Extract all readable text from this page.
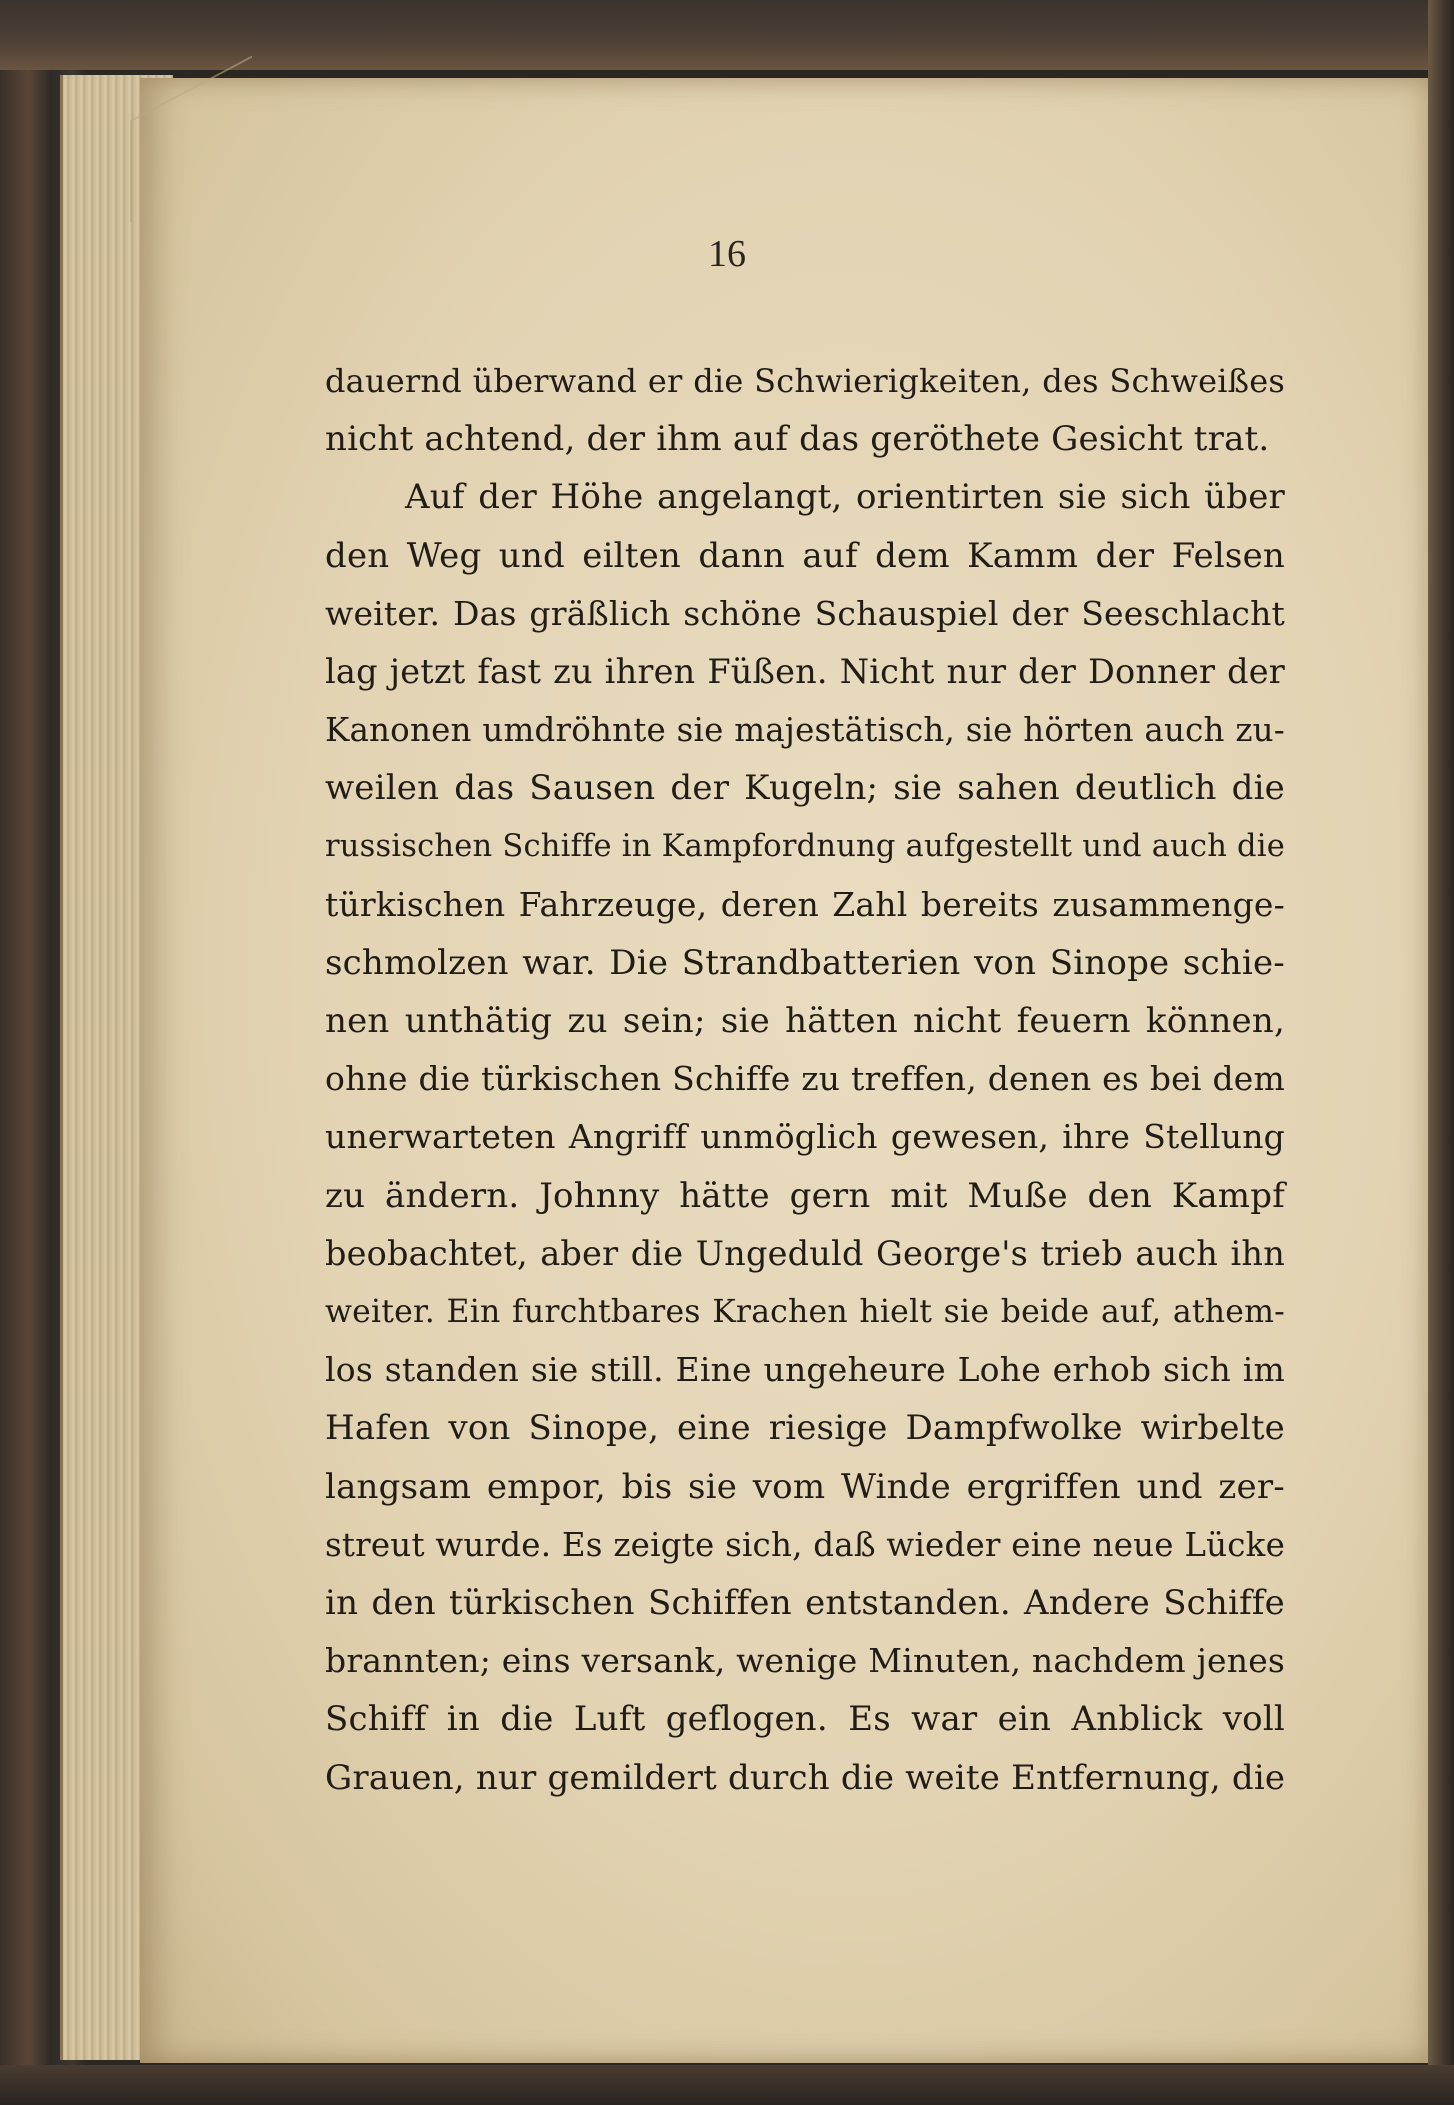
16
dauernd überwand er die Schwierigkeiten, des Schweißes
nicht achtend, der ihm auf das geröthete Gesicht trat.
Auf der Höhe angelangt, orientirten sie sich über
den Weg und eilten dann auf dem Kamm der Felsen
weiter. Das gräßlich schöne Schauspiel der Seeschlacht
lag jetzt fast zu ihren Füßen. Nicht nur der Donner der
Kanonen umdröhnte sie majestätisch, sie hörten auch zu-
weilen das Sausen der Kugeln; sie sahen deutlich die
russischen Schiffe in Kampfordnung aufgestellt und auch die
türkischen Fahrzeuge, deren Zahl bereits zusammenge-
schmolzen war. Die Strandbatterien von Sinope schie-
nen unthätig zu sein; sie hätten nicht feuern können,
ohne die türkischen Schiffe zu treffen, denen es bei dem
unerwarteten Angriff unmöglich gewesen, ihre Stellung
zu ändern. Johnny hätte gern mit Muße den Kampf
beobachtet, aber die Ungeduld George's trieb auch ihn
weiter. Ein furchtbares Krachen hielt sie beide auf, athem-
los standen sie still. Eine ungeheure Lohe erhob sich im
Hafen von Sinope, eine riesige Dampfwolke wirbelte
langsam empor, bis sie vom Winde ergriffen und zer-
streut wurde. Es zeigte sich, daß wieder eine neue Lücke
in den türkischen Schiffen entstanden. Andere Schiffe
brannten; eins versank, wenige Minuten, nachdem jenes
Schiff in die Luft geflogen. Es war ein Anblick voll
Grauen, nur gemildert durch die weite Entfernung, die
